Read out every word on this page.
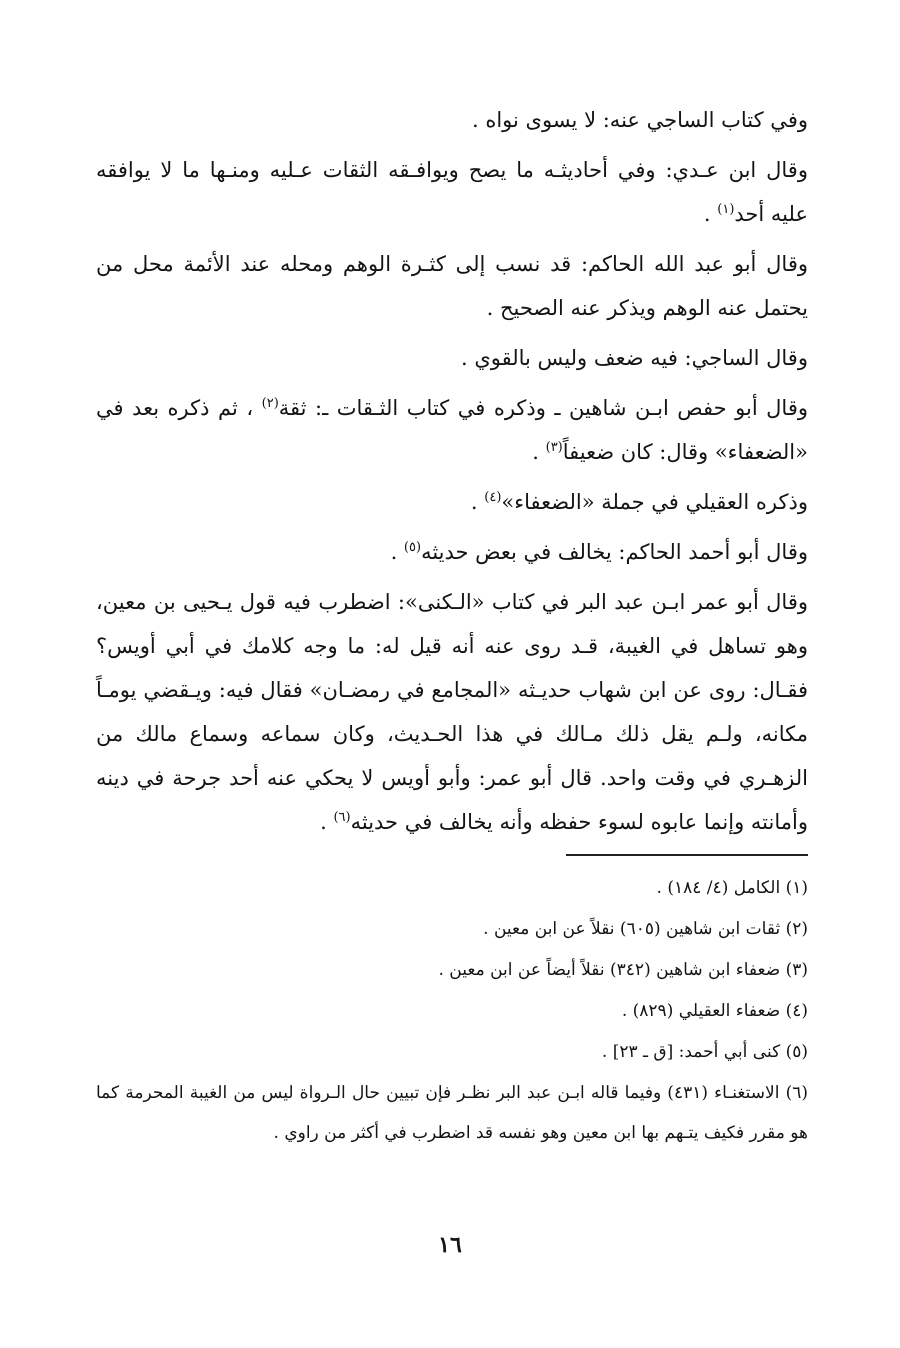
وفي كتاب الساجي عنه: لا يسوى نواه .

وقال ابن عـدي: وفي أحاديثـه ما يصح ويوافـقه الثقات عـليه ومنـها ما لا يوافقه عليه أحد$^{(١)}$ .

وقال أبو عبد الله الحاكم: قد نسب إلى كثـرة الوهم ومحله عند الأئمة محل من يحتمل عنه الوهم ويذكر عنه الصحيح .

وقال الساجي: فيه ضعف وليس بالقوي .

وقال أبو حفص ابـن شاهين ـ وذكره في كتاب الثـقات ـ: ثقة$^{(٢)}$ ، ثم ذكره بعد في «الضعفاء» وقال: كان ضعيفاً$^{(٣)}$ .

وذكره العقيلي في جملة «الضعفاء»$^{(٤)}$ .

وقال أبو أحمد الحاكم: يخالف في بعض حديثه$^{(٥)}$ .

وقال أبو عمر ابـن عبد البر في كتاب «الـكنى»: اضطرب فيه قول يـحيى بن معين، وهو تساهل في الغيبة، قـد روى عنه أنه قيل له: ما وجه كلامك في أبي أويس؟ فقـال: روى عن ابن شهاب حديـثه «المجامع في رمضـان» فقال فيه: ويـقضي يومـاً مكانه، ولـم يقل ذلك مـالك في هذا الحـديث، وكان سماعه وسماع مالك من الزهـري في وقت واحد. قال أبو عمر: وأبو أويس لا يحكي عنه أحد جرحة في دينه وأمانته وإنما عابوه لسوء حفظه وأنه يخالف في حديثه$^{(٦)}$ .

(١) الكامل (٤/ ١٨٤) .

(٢) ثقات ابن شاهين (٦٠٥) نقلاً عن ابن معين .

(٣) ضعفاء ابن شاهين (٣٤٢) نقلاً أيضاً عن ابن معين .

(٤) ضعفاء العقيلي (٨٢٩) .

(٥) كنى أبي أحمد: [ق ـ ٢٣] .

(٦) الاستغنـاء (٤٣١) وفيما قاله ابـن عبد البر نظـر فإن تبيين حال الـرواة ليس من الغيبة المحرمة كما هو مقرر فكيف يتـهم بها ابن معين وهو نفسه قد اضطرب في أكثر من راوي .

١٦
